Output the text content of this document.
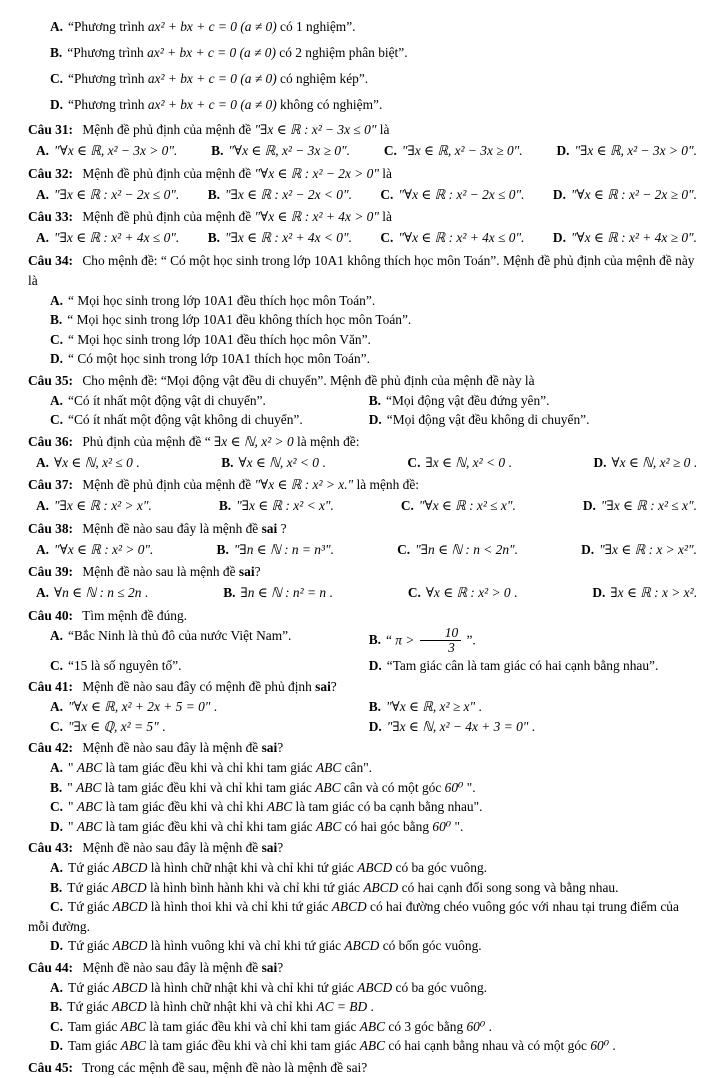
A. “Phương trình ax² + bx + c = 0 (a ≠ 0) có 1 nghiệm”.
B. “Phương trình ax² + bx + c = 0 (a ≠ 0) có 2 nghiệm phân biệt”.
C. “Phương trình ax² + bx + c = 0 (a ≠ 0) có nghiệm kép”.
D. “Phương trình ax² + bx + c = 0 (a ≠ 0) không có nghiệm”.
Câu 31: Mệnh đề phủ định của mệnh đề "∃x ∈ ℝ : x² − 3x ≤ 0" là
A. "∀x ∈ ℝ, x² − 3x > 0".	B. "∀x ∈ ℝ, x² − 3x ≥ 0".	C. "∃x ∈ ℝ, x² − 3x ≥ 0".	D. "∃x ∈ ℝ, x² − 3x > 0".
Câu 32: Mệnh đề phủ định của mệnh đề "∀x ∈ ℝ : x² − 2x > 0" là
A. "∃x ∈ ℝ : x² − 2x ≤ 0". B. "∃x ∈ ℝ : x² − 2x < 0". C. "∀x ∈ ℝ : x² − 2x ≤ 0". D. "∀x ∈ ℝ : x² − 2x ≥ 0".
Câu 33: Mệnh đề phủ định của mệnh đề "∀x ∈ ℝ : x² + 4x > 0" là
A. "∃x ∈ ℝ : x² + 4x ≤ 0". B. "∃x ∈ ℝ : x² + 4x < 0". C. "∀x ∈ ℝ : x² + 4x ≤ 0". D. "∀x ∈ ℝ : x² + 4x ≥ 0".
Câu 34: Cho mệnh đề: “ Có một học sinh trong lớp 10A1 không thích học môn Toán”. Mệnh đề phủ định của mệnh đề này là
A. “ Mọi học sinh trong lớp 10A1 đều thích học môn Toán”.
B. “ Mọi học sinh trong lớp 10A1 đều không thích học môn Toán”.
C. “ Mọi học sinh trong lớp 10A1 đều thích học môn Văn”.
D. “ Có một học sinh trong lớp 10A1 thích học môn Toán”.
Câu 35: Cho mệnh đề: “Mọi động vật đều di chuyển”. Mệnh đề phủ định của mệnh đề này là
A. “Có ít nhất một động vật di chuyển”.	B. “Mọi động vật đều đứng yên”.
C. “Có ít nhất một động vật không di chuyển”.	D. “Mọi động vật đều không di chuyển”.
Câu 36: Phủ định của mệnh đề “ ∃x ∈ ℕ, x² > 0 là mệnh đề:
A. ∀x ∈ ℕ, x² ≤ 0 .	B. ∀x ∈ ℕ, x² < 0 .	C. ∃x ∈ ℕ, x² < 0 .	D. ∀x ∈ ℕ, x² ≥ 0 .
Câu 37: Mệnh đề phủ định của mệnh đề "∀x ∈ ℝ : x² > x." là mệnh đề:
A. "∃x ∈ ℝ : x² > x".	B. "∃x ∈ ℝ : x² < x".	C. "∀x ∈ ℝ : x² ≤ x".	D. "∃x ∈ ℝ : x² ≤ x".
Câu 38: Mệnh đề nào sau đây là mệnh đề sai ?
A. "∀x ∈ ℝ : x² > 0".	B. "∃n ∈ ℕ : n = n³".	C. "∃n ∈ ℕ : n < 2n".	D. "∃x ∈ ℝ : x > x²".
Câu 39: Mệnh đề nào sau là mệnh đề sai?
A. ∀n ∈ ℕ : n ≤ 2n .	B. ∃n ∈ ℕ : n² = n .	C. ∀x ∈ ℝ : x² > 0 .	D. ∃x ∈ ℝ : x > x².
Câu 40: Tìm mệnh đề đúng.
A. “Bắc Ninh là thủ đô của nước Việt Nam”.	B. “ $\pi > \frac{10}{3}$ ”.
C. “15 là số nguyên tố”.	D. “Tam giác cân là tam giác có hai cạnh bằng nhau”.
Câu 41: Mệnh đề nào sau đây có mệnh đề phủ định sai?
A. "∀x ∈ ℝ, x² + 2x + 5 = 0" .	B. "∀x ∈ ℝ, x² ≥ x" .
C. "∃x ∈ ℚ, x² = 5" .	D. "∃x ∈ ℕ, x² − 4x + 3 = 0" .
Câu 42: Mệnh đề nào sau đây là mệnh đề sai?
A. " ABC là tam giác đều khi và chỉ khi tam giác ABC cân".
B. " ABC là tam giác đều khi và chỉ khi tam giác ABC cân và có một góc 60⁰ ".
C. " ABC là tam giác đều khi và chỉ khi ABC là tam giác có ba cạnh bằng nhau".
D. " ABC là tam giác đều khi và chỉ khi tam giác ABC có hai góc bằng 60⁰ ".
Câu 43: Mệnh đề nào sau đây là mệnh đề sai?
A. Tứ giác ABCD là hình chữ nhật khi và chỉ khi tứ giác ABCD có ba góc vuông.
B. Tứ giác ABCD là hình bình hành khi và chỉ khi tứ giác ABCD có hai cạnh đối song song và bằng nhau.
C. Tứ giác ABCD là hình thoi khi và chỉ khi tứ giác ABCD có hai đường chéo vuông góc với nhau tại trung điểm của mỗi đường.
D. Tứ giác ABCD là hình vuông khi và chỉ khi tứ giác ABCD có bốn góc vuông.
Câu 44: Mệnh đề nào sau đây là mệnh đề sai?
A. Tứ giác ABCD là hình chữ nhật khi và chỉ khi tứ giác ABCD có ba góc vuông.
B. Tứ giác ABCD là hình chữ nhật khi và chỉ khi AC = BD .
C. Tam giác ABC là tam giác đều khi và chỉ khi tam giác ABC có 3 góc bằng 60⁰ .
D. Tam giác ABC là tam giác đều khi và chỉ khi tam giác ABC có hai cạnh bằng nhau và có một góc 60⁰ .
Câu 45: Trong các mệnh đề sau, mệnh đề nào là mệnh đề sai?
